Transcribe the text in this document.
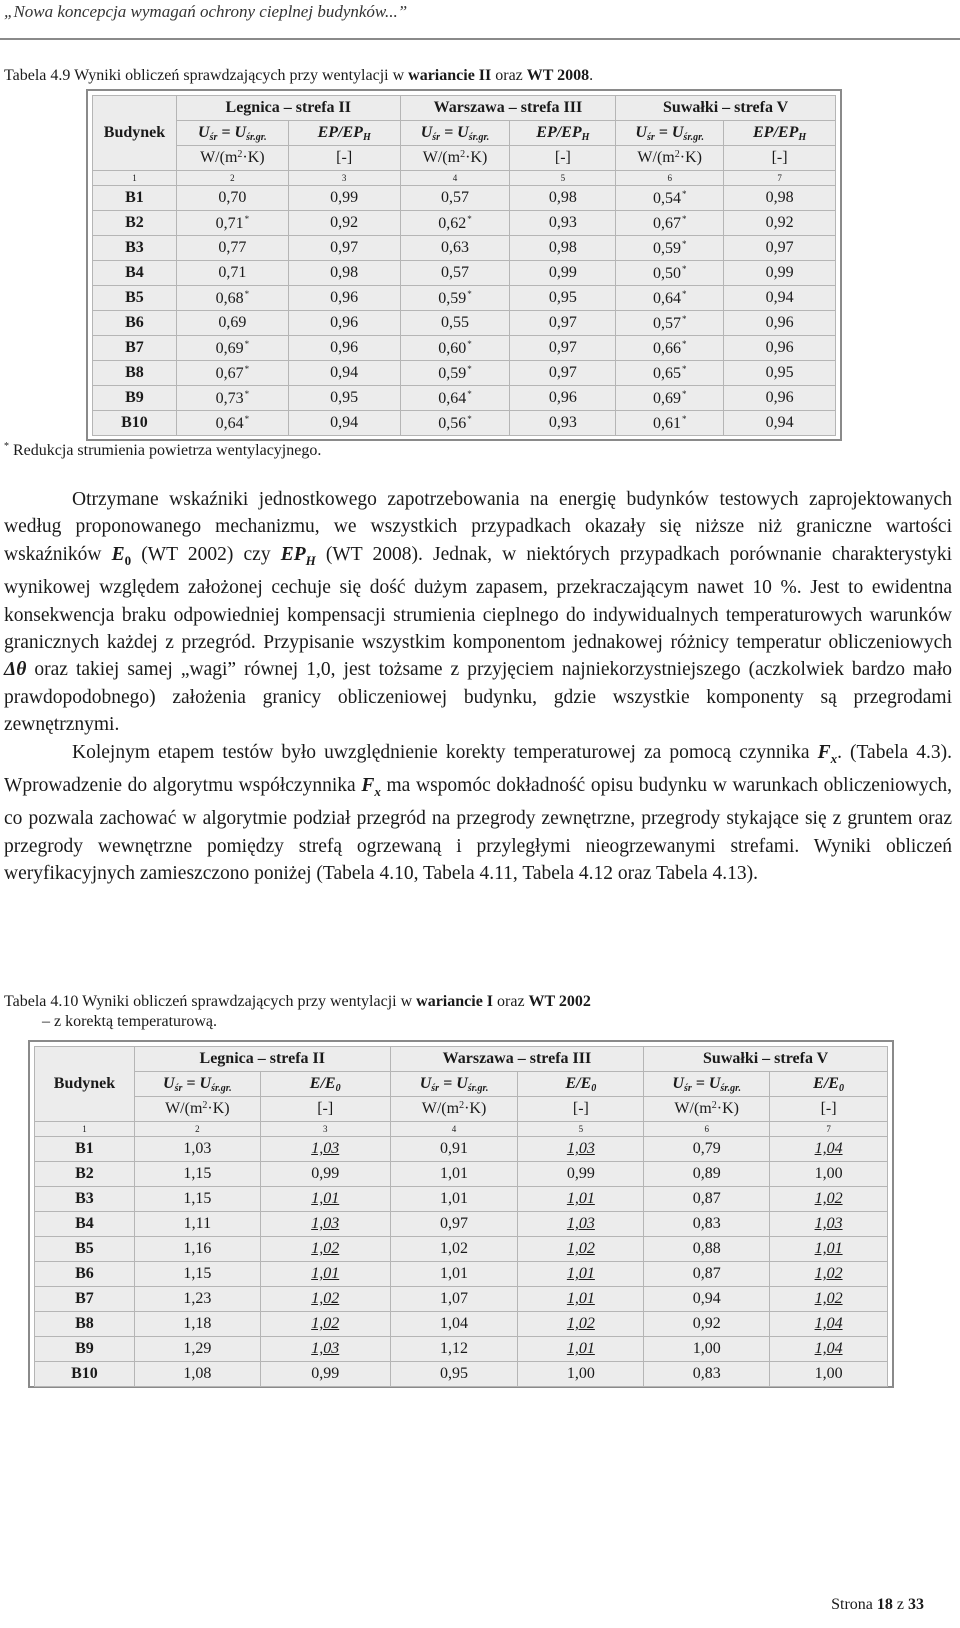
„Nowa koncepcja wymagań ochrony cieplnej budynków...”
Tabela 4.9 Wyniki obliczeń sprawdzających przy wentylacji w wariancie II oraz WT 2008.
Budynek	Legnica – strefa II		Warszawa – strefa III		Suwałki – strefa V	
	$U_{śr} = U_{śr.gr.}$	$EP/EP_H$	$U_{śr} = U_{śr.gr.}$	$EP/EP_H$	$U_{śr} = U_{śr.gr.}$	$EP/EP_H$
	$W/(m^2\cdot K)$	[-]	$W/(m^2\cdot K)$	[-]	$W/(m^2\cdot K)$	[-]
1	2	3	4	5	6	7
B1	0,70	0,99	0,57	0,98	0,54*	0,98
B2	0,71*	0,92	0,62*	0,93	0,67*	0,92
B3	0,77	0,97	0,63	0,98	0,59*	0,97
B4	0,71	0,98	0,57	0,99	0,50*	0,99
B5	0,68*	0,96	0,59*	0,95	0,64*	0,94
B6	0,69	0,96	0,55	0,97	0,57*	0,96
B7	0,69*	0,96	0,60*	0,97	0,66*	0,96
B8	0,67*	0,94	0,59*	0,97	0,65*	0,95
B9	0,73*	0,95	0,64*	0,96	0,69*	0,96
B10	0,64*	0,94	0,56*	0,93	0,61*	0,94
* Redukcja strumienia powietrza wentylacyjnego.

Otrzymane wskaźniki jednostkowego zapotrzebowania na energię budynków testowych zaprojektowanych według proponowanego mechanizmu, we wszystkich przypadkach okazały się niższe niż graniczne wartości wskaźników $E_0$ (WT 2002) czy $EP_H$ (WT 2008). Jednak, w niektórych przypadkach porównanie charakterystyki wynikowej względem założonej cechuje się dość dużym zapasem, przekraczającym nawet 10 %. Jest to ewidentna konsekwencja braku odpowiedniej kompensacji strumienia cieplnego do indywidualnych temperaturowych warunków granicznych każdej z przegród. Przypisanie wszystkim komponentom jednakowej różnicy temperatur obliczeniowych Δθ oraz takiej samej „wagi” równej 1,0, jest tożsame z przyjęciem najniekorzystniejszego (aczkolwiek bardzo mało prawdopodobnego) założenia granicy obliczeniowej budynku, gdzie wszystkie komponenty są przegrodami zewnętrznymi.

Kolejnym etapem testów było uwzględnienie korekty temperaturowej za pomocą czynnika $F_x$. (Tabela 4.3). Wprowadzenie do algorytmu współczynnika $F_x$ ma wspomóc dokładność opisu budynku w warunkach obliczeniowych, co pozwala zachować w algorytmie podział przegród na przegrody zewnętrzne, przegrody stykające się z gruntem oraz przegrody wewnętrzne pomiędzy strefą ogrzewaną i przyległymi nieogrzewanymi strefami. Wyniki obliczeń weryfikacyjnych zamieszczono poniżej (Tabela 4.10, Tabela 4.11, Tabela 4.12 oraz Tabela 4.13).

Tabela 4.10 Wyniki obliczeń sprawdzających przy wentylacji w wariancie I oraz WT 2002
– z korektą temperaturową.
Budynek	Legnica – strefa II		Warszawa – strefa III		Suwałki – strefa V	
	$U_{śr} = U_{śr.gr.}$	$E/E_0$	$U_{śr} = U_{śr.gr.}$	$E/E_0$	$U_{śr} = U_{śr.gr.}$	$E/E_0$
	$W/(m^2\cdot K)$	[-]	$W/(m^2\cdot K)$	[-]	$W/(m^2\cdot K)$	[-]
1	2	3	4	5	6	7
B1	1,03	1,03	0,91	1,03	0,79	1,04
B2	1,15	0,99	1,01	0,99	0,89	1,00
B3	1,15	1,01	1,01	1,01	0,87	1,02
B4	1,11	1,03	0,97	1,03	0,83	1,03
B5	1,16	1,02	1,02	1,02	0,88	1,01
B6	1,15	1,01	1,01	1,01	0,87	1,02
B7	1,23	1,02	1,07	1,01	0,94	1,02
B8	1,18	1,02	1,04	1,02	0,92	1,04
B9	1,29	1,03	1,12	1,01	1,00	1,04
B10	1,08	0,99	0,95	1,00	0,83	1,00
Strona 18 z 33
